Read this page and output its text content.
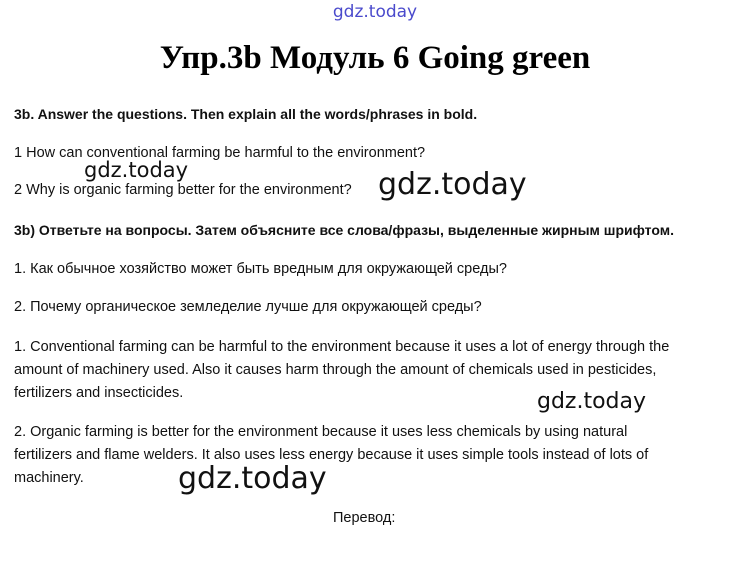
gdz.today
Упр.3b Модуль 6 Going green
3b. Answer the questions. Then explain all the words/phrases in bold.
1 How can conventional farming be harmful to the environment?
gdz.today
2 Why is organic farming better for the environment? gdz.today
3b) Ответьте на вопросы. Затем объясните все слова/фразы, выделенные жирным шрифтом.
1. Как обычное хозяйство может быть вредным для окружающей среды?
2. Почему органическое земледелие лучше для окружающей среды?
1. Conventional farming can be harmful to the environment because it uses a lot of energy through the
amount of machinery used. Also it causes harm through the amount of chemicals used in pesticides,
fertilizers and insecticides.	gdz.today
2. Organic farming is better for the environment because it uses less chemicals by using natural
fertilizers and flame welders. It also uses less energy because it uses simple tools instead of lots of
machinery.	gdz.today
Перевод:
